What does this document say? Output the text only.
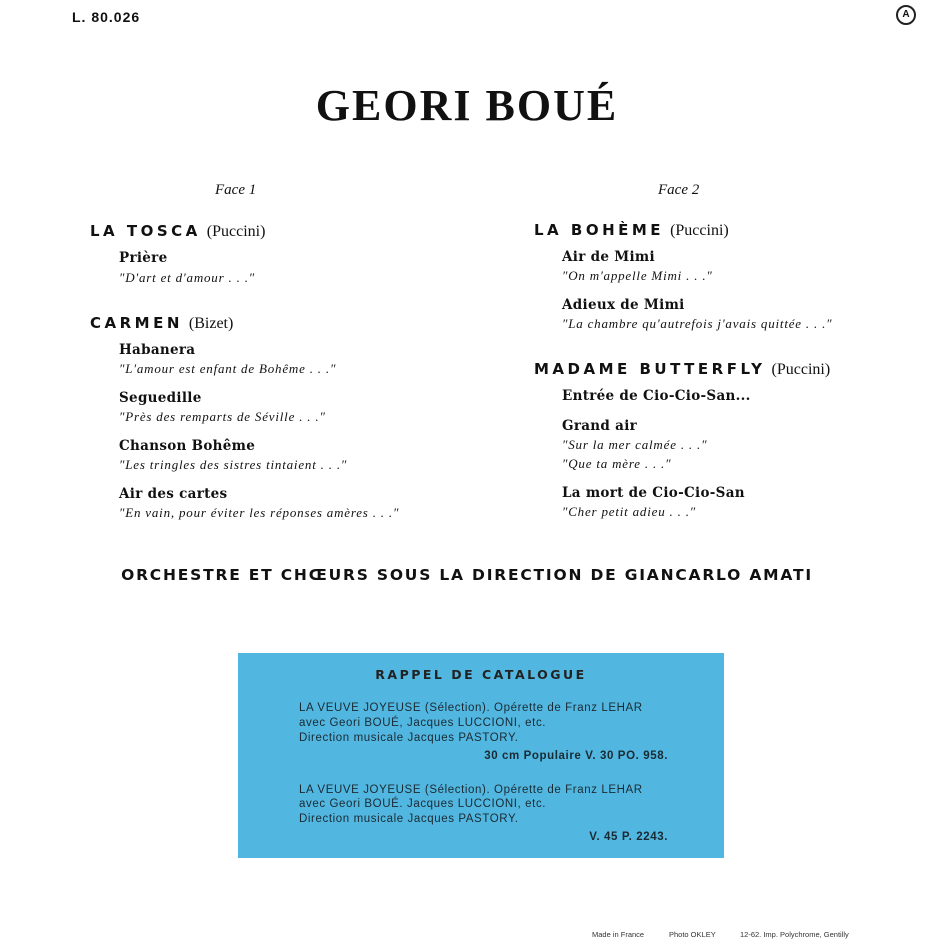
L. 80.026	A
GEORI BOUÉ
Face 1
LA TOSCA (Puccini)
Prière
″D'art et d'amour . . .″
CARMEN (Bizet)
Habanera
″L'amour est enfant de Bohême . . .″
Seguedille
″Près des remparts de Séville . . .″
Chanson Bohême
″Les tringles des sistres tintaient . . .″
Air des cartes
″En vain, pour éviter les réponses amères . . .″
Face 2
LA BOHÈME (Puccini)
Air de Mimi
″On m'appelle Mimi . . .″
Adieux de Mimi
″La chambre qu'autrefois j'avais quittée . . .″
MADAME BUTTERFLY (Puccini)
Entrée de Cio-Cio-San...
Grand air
″Sur la mer calmée . . .″
″Que ta mère . . .″
La mort de Cio-Cio-San
″Cher petit adieu . . .″
ORCHESTRE ET CHŒURS SOUS LA DIRECTION DE GIANCARLO AMATI
RAPPEL DE CATALOGUE
LA VEUVE JOYEUSE (Sélection). Opérette de Franz LEHAR
avec Geori BOUÉ, Jacques LUCCIONI, etc.
Direction musicale Jacques PASTORY.
30 cm Populaire V. 30 PO. 958.
LA VEUVE JOYEUSE (Sélection). Opérette de Franz LEHAR
avec Geori BOUÉ. Jacques LUCCIONI, etc.
Direction musicale Jacques PASTORY.
V. 45 P. 2243.
Made in France	Photo OKLEY	12-62. Imp. Polychrome, Gentilly
